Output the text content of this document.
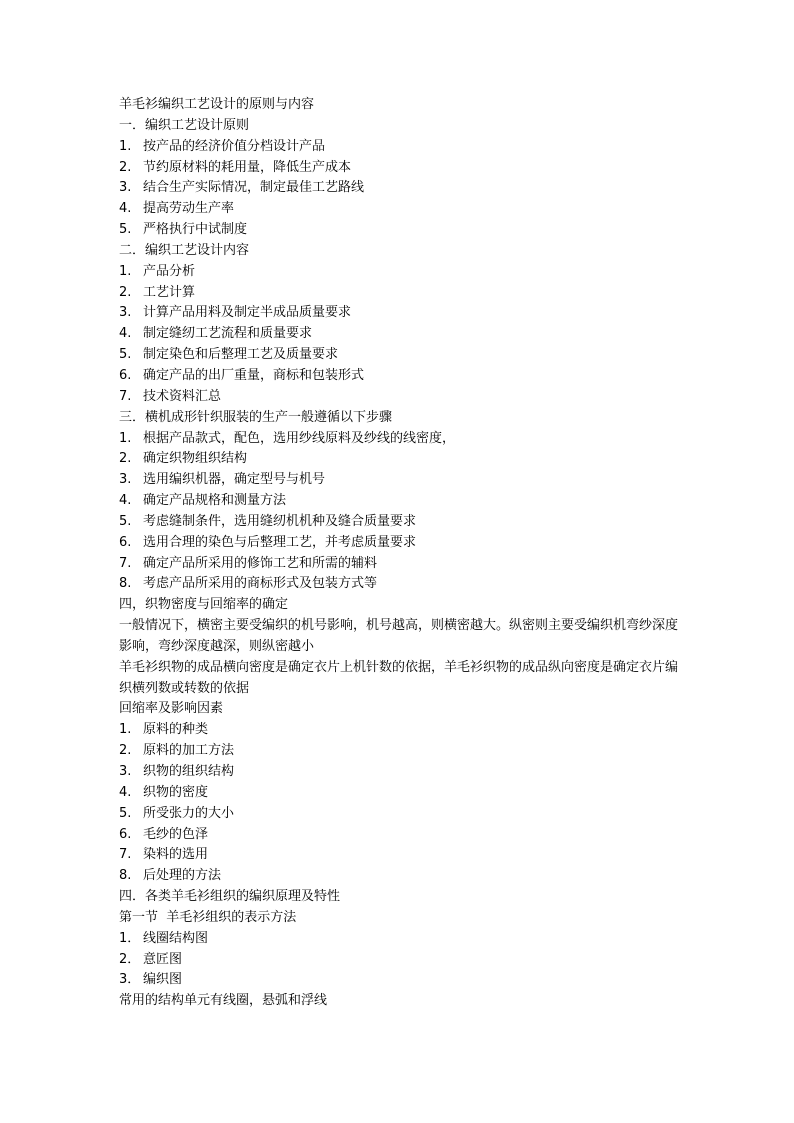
羊毛衫编织工艺设计的原则与内容
一．编织工艺设计原则
1. 按产品的经济价值分档设计产品
2. 节约原材料的耗用量，降低生产成本
3. 结合生产实际情况，制定最佳工艺路线
4. 提高劳动生产率
5. 严格执行中试制度
二．编织工艺设计内容
1. 产品分析
2. 工艺计算
3. 计算产品用料及制定半成品质量要求
4. 制定缝纫工艺流程和质量要求
5. 制定染色和后整理工艺及质量要求
6. 确定产品的出厂重量，商标和包装形式
7. 技术资料汇总
三．横机成形针织服装的生产一般遵循以下步骤
1. 根据产品款式，配色，选用纱线原料及纱线的线密度，
2. 确定织物组织结构
3. 选用编织机器，确定型号与机号
4. 确定产品规格和测量方法
5. 考虑缝制条件，选用缝纫机机种及缝合质量要求
6. 选用合理的染色与后整理工艺，并考虑质量要求
7. 确定产品所采用的修饰工艺和所需的辅料
8. 考虑产品所采用的商标形式及包装方式等
四，织物密度与回缩率的确定
一般情况下，横密主要受编织的机号影响，机号越高，则横密越大。纵密则主要受编织机弯纱深度影响，弯纱深度越深，则纵密越小
羊毛衫织物的成品横向密度是确定衣片上机针数的依据，羊毛衫织物的成品纵向密度是确定衣片编织横列数或转数的依据
回缩率及影响因素
1. 原料的种类
2. 原料的加工方法
3. 织物的组织结构
4. 织物的密度
5. 所受张力的大小
6. 毛纱的色泽
7. 染料的选用
8. 后处理的方法
四．各类羊毛衫组织的编织原理及特性
第一节  羊毛衫组织的表示方法
1． 线圈结构图
2． 意匠图
3． 编织图
常用的结构单元有线圈，悬弧和浮线
